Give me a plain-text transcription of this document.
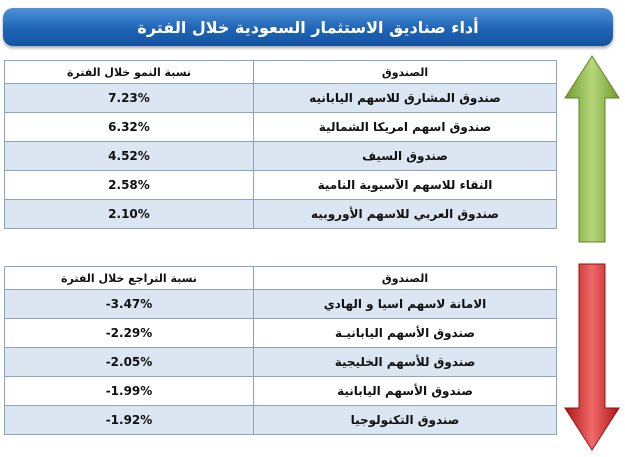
أداء صناديق الاستثمار السعودية خلال الفترة
نسبة النمو خلال الفترة	الصندوق
7.23%	صندوق المشارق للاسهم اليابانيه
6.32%	صندوق اسهم امريكا الشمالية
4.52%	صندوق السيف
2.58%	النقاء للاسهم الآسيوية النامية
2.10%	صندوق العربي للاسهم الأوروبيه
نسبة التراجع خلال الفترة	الصندوق
-3.47%	الامانة لاسهم اسيا و الهادي
-2.29%	صندوق الأسهم اليابانيـة
-2.05%	صندوق للأسهم الخليجية
-1.99%	صندوق الأسهم اليابانية
-1.92%	صندوق التكنولوجيا
